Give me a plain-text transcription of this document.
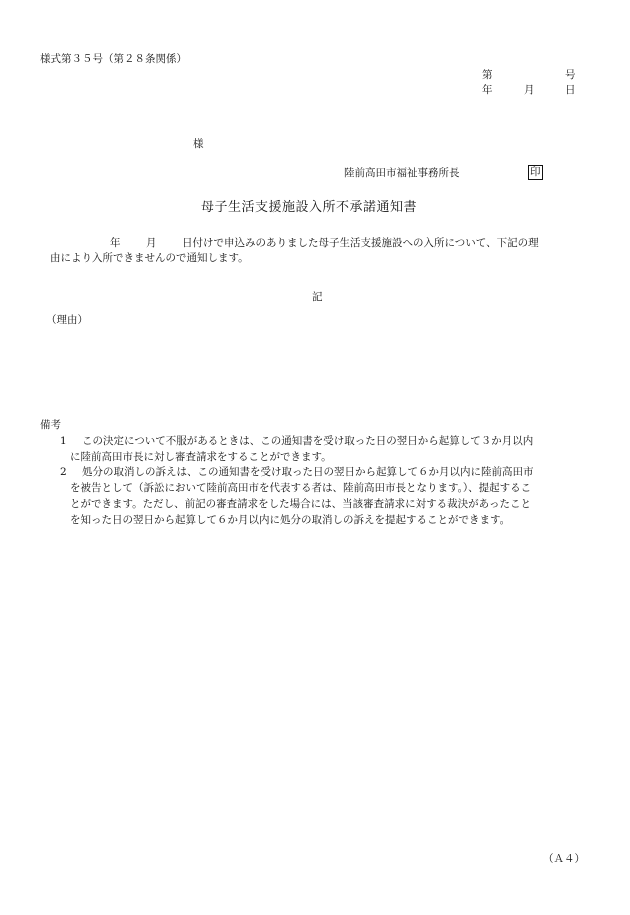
様式第３５号（第２８条関係）
第	号
年	月	日
様
陸前高田市福祉事務所長	印
母子生活支援施設入所不承諾通知書
年 月 日付けで申込みのありました母子生活支援施設への入所について、下記の理
由により入所できませんので通知します。
記
（理由）
備考
1 この決定について不服があるときは、この通知書を受け取った日の翌日から起算して３か月以内
に陸前高田市長に対し審査請求をすることができます。
2 処分の取消しの訴えは、この通知書を受け取った日の翌日から起算して６か月以内に陸前高田市
を被告として（訴訟において陸前高田市を代表する者は、陸前高田市長となります。）、提起するこ
とができます。ただし、前記の審査請求をした場合には、当該審査請求に対する裁決があったこと
を知った日の翌日から起算して６か月以内に処分の取消しの訴えを提起することができます。
（Ａ４）
